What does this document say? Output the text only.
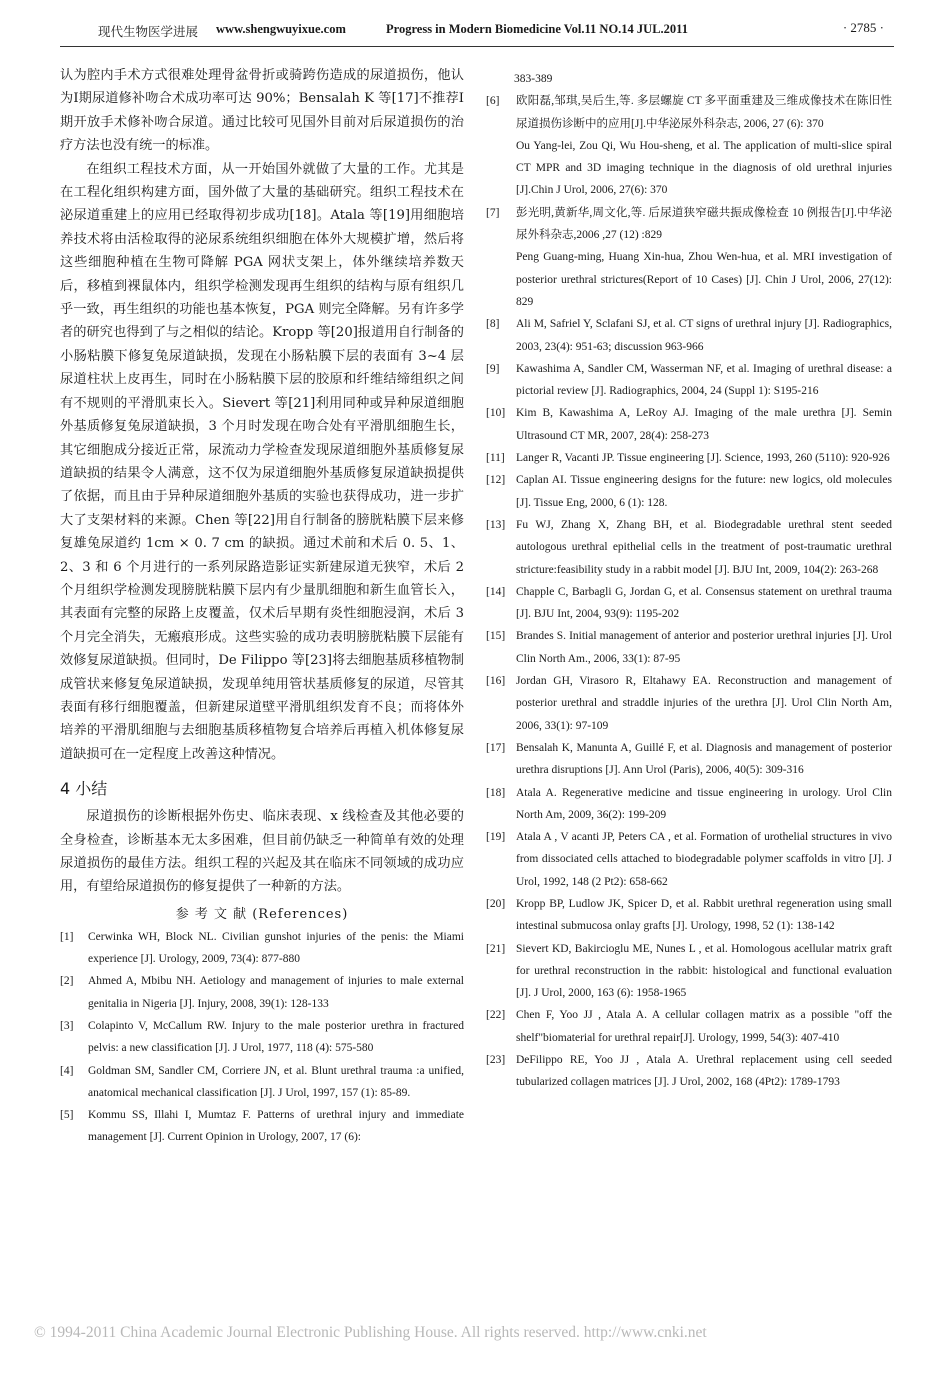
现代生物医学进展 www.shengwuyixue.com	Progress in Modern Biomedicine Vol.11 NO.14 JUL.2011	· 2785 ·

认为腔内手术方式很难处理骨盆骨折或骑跨伤造成的尿道损伤，他认为Ⅰ期尿道修补吻合术成功率可达 90%；Bensalah K 等[17]不推荐Ⅰ期开放手术修补吻合尿道。通过比较可见国外目前对后尿道损伤的治疗方法也没有统一的标准。

在组织工程技术方面，从一开始国外就做了大量的工作。尤其是在工程化组织构建方面，国外做了大量的基础研究。组织工程技术在泌尿道重建上的应用已经取得初步成功[18]。Atala 等[19]用细胞培养技术将由活检取得的泌尿系统组织细胞在体外大规模扩增，然后将这些细胞种植在生物可降解 PGA 网状支架上，体外继续培养数天后，移植到裸鼠体内，组织学检测发现再生组织的结构与原有组织几乎一致，再生组织的功能也基本恢复，PGA 则完全降解。另有许多学者的研究也得到了与之相似的结论。Kropp 等[20]报道用自行制备的小肠粘膜下修复兔尿道缺损，发现在小肠粘膜下层的表面有 3~4 层尿道柱状上皮再生，同时在小肠粘膜下层的胶原和纤维结缔组织之间有不规则的平滑肌束长入。Sievert 等[21]利用同种或异种尿道细胞外基质修复兔尿道缺损，3 个月时发现在吻合处有平滑肌细胞生长，其它细胞成分接近正常，尿流动力学检查发现尿道细胞外基质修复尿道缺损的结果令人满意，这不仅为尿道细胞外基质修复尿道缺损提供了依据，而且由于异种尿道细胞外基质的实验也获得成功，进一步扩大了支架材料的来源。Chen 等[22]用自行制备的膀胱粘膜下层来修复雄兔尿道约 1cm × 0. 7 cm 的缺损。通过术前和术后 0. 5、1、2、3 和 6 个月进行的一系列尿路造影证实新建尿道无狭窄，术后 2 个月组织学检测发现膀胱粘膜下层内有少量肌细胞和新生血管长入，其表面有完整的尿路上皮覆盖，仅术后早期有炎性细胞浸润，术后 3 个月完全消失，无瘢痕形成。这些实验的成功表明膀胱粘膜下层能有效修复尿道缺损。但同时，De Filippo 等[23]将去细胞基质移植物制成管状来修复兔尿道缺损，发现单纯用管状基质修复的尿道，尽管其表面有移行细胞覆盖，但新建尿道壁平滑肌组织发育不良；而将体外培养的平滑肌细胞与去细胞基质移植物复合培养后再植入机体修复尿道缺损可在一定程度上改善这种情况。

4 小结

尿道损伤的诊断根据外伤史、临床表现、x 线检查及其他必要的全身检查，诊断基本无太多困难，但目前仍缺乏一种简单有效的处理尿道损伤的最佳方法。组织工程的兴起及其在临床不同领域的成功应用，有望给尿道损伤的修复提供了一种新的方法。

参 考 文 献 (References)
[1]	Cerwinka WH, Block NL. Civilian gunshot injuries of the penis: the Miami experience [J]. Urology, 2009, 73(4): 877-880
[2]	Ahmed A, Mbibu NH. Aetiology and management of injuries to male external genitalia in Nigeria [J]. Injury, 2008, 39(1): 128-133
[3]	Colapinto V, McCallum RW. Injury to the male posterior urethra in fractured pelvis: a new classification [J]. J Urol, 1977, 118 (4): 575-580
[4]	Goldman SM, Sandler CM, Corriere JN, et al. Blunt urethral trauma :a unified, anatomical mechanical classification [J]. J Urol, 1997, 157 (1): 85-89.
[5]	Kommu SS, Illahi I, Mumtaz F. Patterns of urethral injury and immediate management [J]. Current Opinion in Urology, 2007, 17 (6):
383-389
[6]	欧阳磊,邹琪,吴后生,等. 多层螺旋 CT 多平面重建及三维成像技术在陈旧性尿道损伤诊断中的应用[J].中华泌尿外科杂志, 2006, 27 (6): 370
Ou Yang-lei, Zou Qi, Wu Hou-sheng, et al. The application of multi-slice spiral CT MPR and 3D imaging technique in the diagnosis of old urethral injuries [J].Chin J Urol, 2006, 27(6): 370
[7]	彭光明,黄新华,周文化,等. 后尿道狭窄磁共振成像检查 10 例报告[J].中华泌尿外科杂志,2006 ,27 (12) :829
Peng Guang-ming, Huang Xin-hua, Zhou Wen-hua, et al. MRI investigation of posterior urethral strictures(Report of 10 Cases) [J]. Chin J Urol, 2006, 27(12): 829
[8]	Ali M, Safriel Y, Sclafani SJ, et al. CT signs of urethral injury [J]. Radiographics, 2003, 23(4): 951-63; discussion 963-966
[9]	Kawashima A, Sandler CM, Wasserman NF, et al. Imaging of urethral disease: a pictorial review [J]. Radiographics, 2004, 24 (Suppl 1): S195-216
[10] Kim B, Kawashima A, LeRoy AJ. Imaging of the male urethra [J]. Semin Ultrasound CT MR, 2007, 28(4): 258-273
[11] Langer R, Vacanti JP. Tissue engineering [J]. Science, 1993, 260 (5110): 920-926
[12] Caplan AI. Tissue engineering designs for the future: new logics, old molecules [J]. Tissue Eng, 2000, 6 (1): 128.
[13] Fu WJ, Zhang X, Zhang BH, et al. Biodegradable urethral stent seeded autologous urethral epithelial cells in the treatment of post-traumatic urethral stricture:feasibility study in a rabbit model [J]. BJU Int, 2009, 104(2): 263-268
[14] Chapple C, Barbagli G, Jordan G, et al. Consensus statement on urethral trauma [J]. BJU Int, 2004, 93(9): 1195-202
[15] Brandes S. Initial management of anterior and posterior urethral injuries [J]. Urol Clin North Am., 2006, 33(1): 87-95
[16] Jordan GH, Virasoro R, Eltahawy EA. Reconstruction and management of posterior urethral and straddle injuries of the urethra [J]. Urol Clin North Am, 2006, 33(1): 97-109
[17] Bensalah K, Manunta A, Guillé F, et al. Diagnosis and management of posterior urethra disruptions [J]. Ann Urol (Paris), 2006, 40(5): 309-316
[18] Atala A. Regenerative medicine and tissue engineering in urology. Urol Clin North Am, 2009, 36(2): 199-209
[19] Atala A , V acanti JP, Peters CA , et al. Formation of urothelial structures in vivo from dissociated cells attached to biodegradable polymer scaffolds in vitro [J]. J Urol, 1992, 148 (2 Pt2): 658-662
[20] Kropp BP, Ludlow JK, Spicer D, et al. Rabbit urethral regeneration using small intestinal submucosa onlay grafts [J]. Urology, 1998, 52 (1): 138-142
[21] Sievert KD, Bakircioglu ME, Nunes L , et al. Homologous acellular matrix graft for urethral reconstruction in the rabbit: histological and functional evaluation [J]. J Urol, 2000, 163 (6): 1958-1965
[22] Chen F, Yoo JJ , Atala A. A cellular collagen matrix as a possible "off the shelf"biomaterial for urethral repair[J]. Urology, 1999, 54(3): 407-410
[23] DeFilippo RE, Yoo JJ , Atala A. Urethral replacement using cell seeded tubularized collagen matrices [J]. J Urol, 2002, 168 (4Pt2): 1789-1793
© 1994-2011 China Academic Journal Electronic Publishing House. All rights reserved. http://www.cnki.net
